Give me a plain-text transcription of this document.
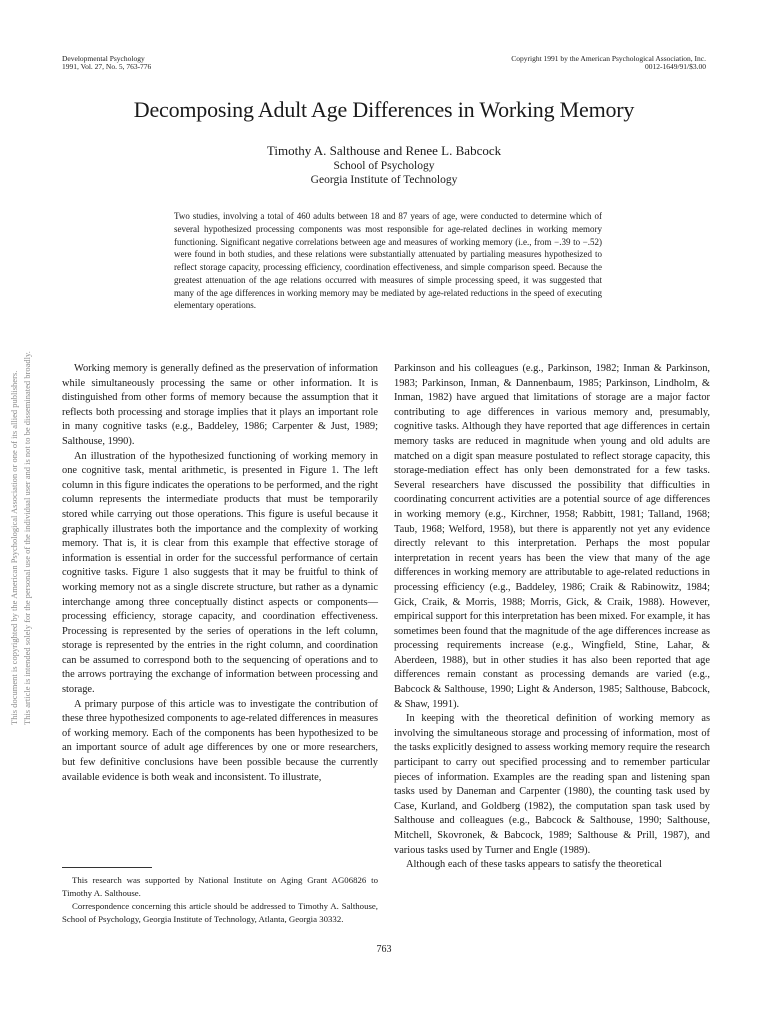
Developmental Psychology
1991, Vol. 27, No. 5, 763-776
Copyright 1991 by the American Psychological Association, Inc.
0012-1649/91/$3.00
Decomposing Adult Age Differences in Working Memory
Timothy A. Salthouse and Renee L. Babcock
School of Psychology
Georgia Institute of Technology
Two studies, involving a total of 460 adults between 18 and 87 years of age, were conducted to determine which of several hypothesized processing components was most responsible for age-related declines in working memory functioning. Significant negative correlations between age and measures of working memory (i.e., from −.39 to −.52) were found in both studies, and these relations were substantially attenuated by partialing measures hypothesized to reflect storage capacity, processing efficiency, coordination effectiveness, and simple comparison speed. Because the greatest attenuation of the age relations occurred with measures of simple processing speed, it was suggested that many of the age differences in working memory may be mediated by age-related reductions in the speed of executing elementary operations.

Working memory is generally defined as the preservation of information while simultaneously processing the same or other information. It is distinguished from other forms of memory because the assumption that it reflects both processing and storage implies that it plays an important role in many cognitive tasks (e.g., Baddeley, 1986; Carpenter & Just, 1989; Salthouse, 1990).

An illustration of the hypothesized functioning of working memory in one cognitive task, mental arithmetic, is presented in Figure 1. The left column in this figure indicates the operations to be performed, and the right column represents the intermediate products that must be temporarily stored while carrying out those operations. This figure is useful because it graphically illustrates both the importance and the complexity of working memory. That is, it is clear from this example that effective storage of information is essential in order for the successful performance of certain cognitive tasks. Figure 1 also suggests that it may be fruitful to think of working memory not as a single discrete structure, but rather as a dynamic interchange among three conceptually distinct aspects or components—processing efficiency, storage capacity, and coordination effectiveness. Processing is represented by the series of operations in the left column, storage is represented by the entries in the right column, and coordination can be assumed to correspond both to the sequencing of operations and to the arrows portraying the exchange of information between processing and storage.

A primary purpose of this article was to investigate the contribution of these three hypothesized components to age-related differences in measures of working memory. Each of the components has been hypothesized to be an important source of adult age differences by one or more researchers, but few definitive conclusions have been possible because the currently available evidence is both weak and inconsistent. To illustrate,

Parkinson and his colleagues (e.g., Parkinson, 1982; Inman & Parkinson, 1983; Parkinson, Inman, & Dannenbaum, 1985; Parkinson, Lindholm, & Inman, 1982) have argued that limitations of storage are a major factor contributing to age differences in various memory and, presumably, cognitive tasks. Although they have reported that age differences in certain memory tasks are reduced in magnitude when young and old adults are matched on a digit span measure postulated to reflect storage capacity, this storage-mediation effect has only been demonstrated for a few tasks. Several researchers have discussed the possibility that difficulties in coordinating concurrent activities are a potential source of age differences in working memory (e.g., Kirchner, 1958; Rabbitt, 1981; Talland, 1968; Taub, 1968; Welford, 1958), but there is apparently not yet any evidence directly relevant to this interpretation. Perhaps the most popular interpretation in recent years has been the view that many of the age differences in working memory are attributable to age-related reductions in processing efficiency (e.g., Baddeley, 1986; Craik & Rabinowitz, 1984; Gick, Craik, & Morris, 1988; Morris, Gick, & Craik, 1988). However, empirical support for this interpretation has been mixed. For example, it has sometimes been found that the magnitude of the age differences increase as processing requirements increase (e.g., Wingfield, Stine, Lahar, & Aberdeen, 1988), but in other studies it has also been reported that age differences remain constant as processing demands are varied (e.g., Babcock & Salthouse, 1990; Light & Anderson, 1985; Salthouse, Babcock, & Shaw, 1991).

In keeping with the theoretical definition of working memory as involving the simultaneous storage and processing of information, most of the tasks explicitly designed to assess working memory require the research participant to carry out specified processing and to remember particular pieces of information. Examples are the reading span and listening span tasks used by Daneman and Carpenter (1980), the counting task used by Case, Kurland, and Goldberg (1982), the computation span task used by Salthouse and colleagues (e.g., Babcock & Salthouse, 1990; Salthouse, Mitchell, Skovronek, & Babcock, 1989; Salthouse & Prill, 1987), and various tasks used by Turner and Engle (1989).

Although each of these tasks appears to satisfy the theoretical

This research was supported by National Institute on Aging Grant AG06826 to Timothy A. Salthouse.

Correspondence concerning this article should be addressed to Timothy A. Salthouse, School of Psychology, Georgia Institute of Technology, Atlanta, Georgia 30332.

763
This document is copyrighted by the American Psychological Association or one of its allied publishers. This article is intended solely for the personal use of the individual user and is not to be disseminated broadly.
